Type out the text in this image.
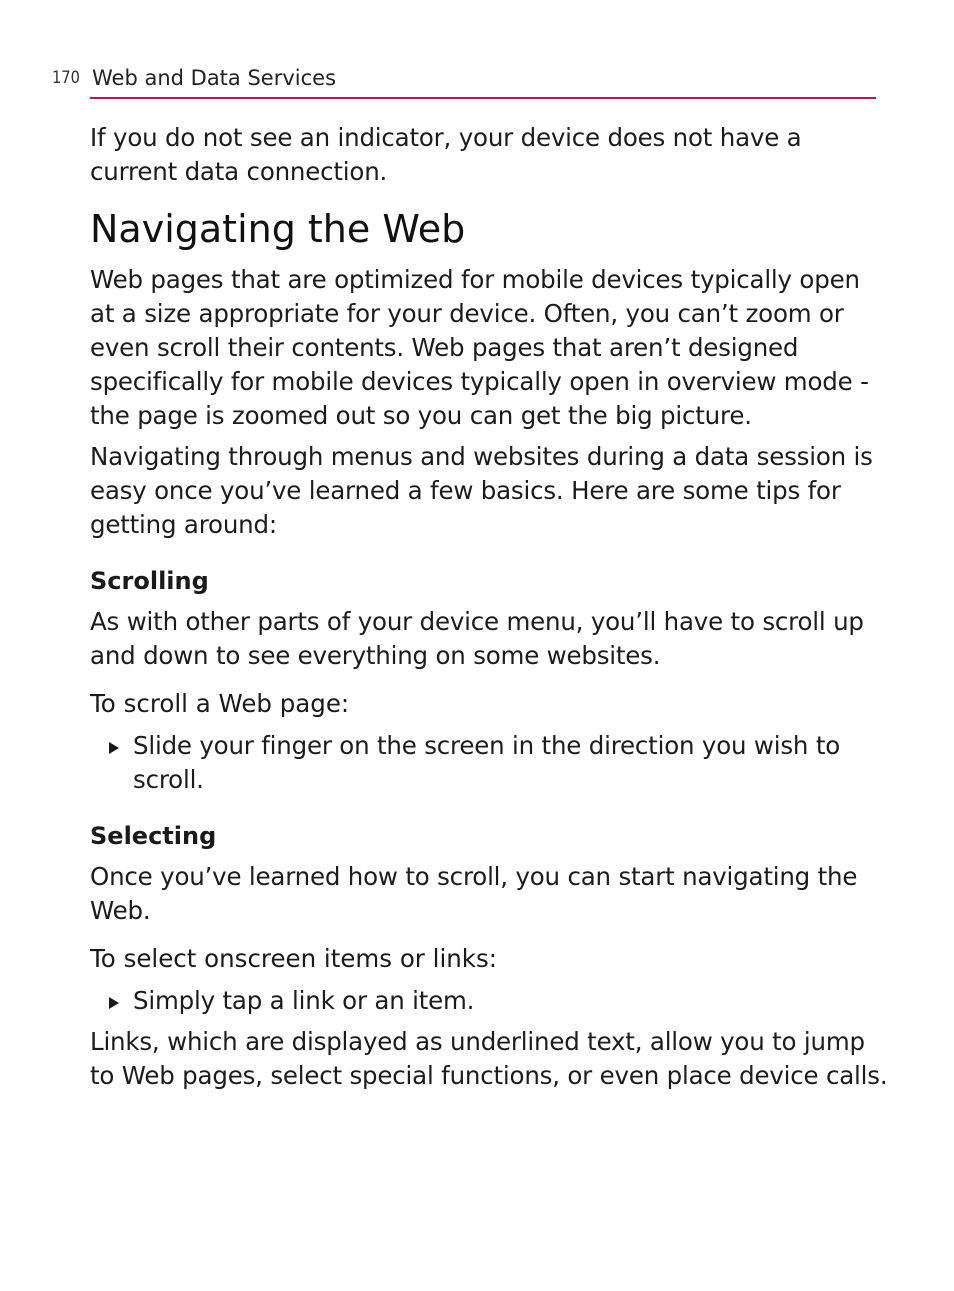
170 Web and Data Services

If you do not see an indicator, your device does not have a current data connection.

Navigating the Web

Web pages that are optimized for mobile devices typically open at a size appropriate for your device. Often, you can’t zoom or even scroll their contents. Web pages that aren’t designed specifically for mobile devices typically open in overview mode - the page is zoomed out so you can get the big picture.

Navigating through menus and websites during a data session is easy once you’ve learned a few basics. Here are some tips for getting around:

Scrolling

As with other parts of your device menu, you’ll have to scroll up and down to see everything on some websites.

To scroll a Web page:
Slide your finger on the screen in the direction you wish to scroll.
Selecting

Once you’ve learned how to scroll, you can start navigating the Web.

To select onscreen items or links:
Simply tap a link or an item.

Links, which are displayed as underlined text, allow you to jump to Web pages, select special functions, or even place device calls.
